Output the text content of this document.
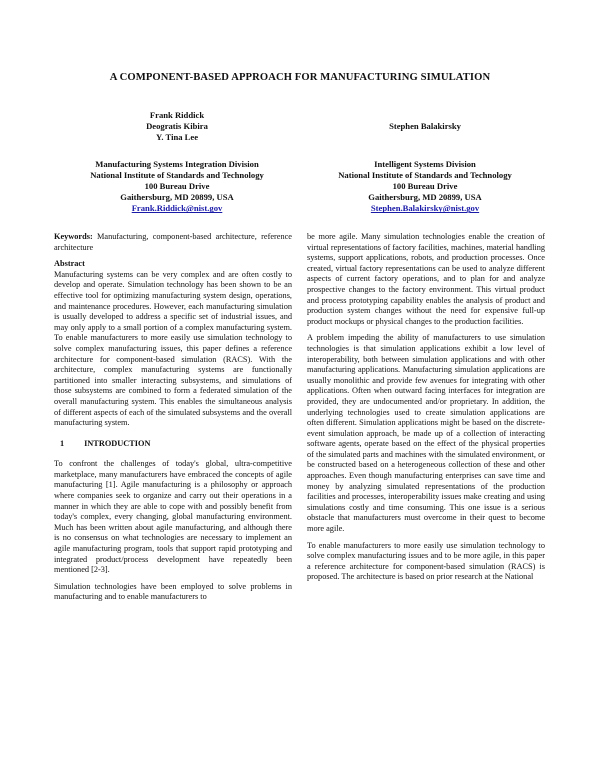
A COMPONENT-BASED APPROACH FOR MANUFACTURING SIMULATION
Frank Riddick
Deogratis Kibira
Y. Tina Lee
Manufacturing Systems Integration Division
National Institute of Standards and Technology
100 Bureau Drive
Gaithersburg, MD 20899, USA
Frank.Riddick@nist.gov
Stephen Balakirsky
Intelligent Systems Division
National Institute of Standards and Technology
100 Bureau Drive
Gaithersburg, MD 20899, USA
Stephen.Balakirsky@nist.gov

Keywords: Manufacturing, component-based architecture, reference architecture

Abstract

Manufacturing systems can be very complex and are often costly to develop and operate. Simulation technology has been shown to be an effective tool for optimizing manufacturing system design, operations, and maintenance procedures. However, each manufacturing simulation is usually developed to address a specific set of industrial issues, and may only apply to a small portion of a complex manufacturing system. To enable manufacturers to more easily use simulation technology to solve complex manufacturing issues, this paper defines a reference architecture for component-based simulation (RACS). With the architecture, complex manufacturing systems are functionally partitioned into smaller interacting subsystems, and simulations of those subsystems are combined to form a federated simulation of the overall manufacturing system. This enables the simultaneous analysis of different aspects of each of the simulated subsystems and the overall manufacturing system.

1 INTRODUCTION

To confront the challenges of today's global, ultra-competitive marketplace, many manufacturers have embraced the concepts of agile manufacturing [1]. Agile manufacturing is a philosophy or approach where companies seek to organize and carry out their operations in a manner in which they are able to cope with and possibly benefit from today's complex, every changing, global manufacturing environment. Much has been written about agile manufacturing, and although there is no consensus on what technologies are necessary to implement an agile manufacturing program, tools that support rapid prototyping and integrated product/process development have repeatedly been mentioned [2-3].

Simulation technologies have been employed to solve problems in manufacturing and to enable manufacturers to

be more agile. Many simulation technologies enable the creation of virtual representations of factory facilities, machines, material handling systems, support applications, robots, and production processes. Once created, virtual factory representations can be used to analyze different aspects of current factory operations, and to plan for and analyze prospective changes to the factory environment. This virtual product and process prototyping capability enables the analysis of product and production system changes without the need for expensive full-up product mockups or physical changes to the production facilities.

A problem impeding the ability of manufacturers to use simulation technologies is that simulation applications exhibit a low level of interoperability, both between simulation applications and with other manufacturing applications. Manufacturing simulation applications are usually monolithic and provide few avenues for integrating with other applications. Often when outward facing interfaces for integration are provided, they are undocumented and/or proprietary. In addition, the underlying technologies used to create simulation applications are often different. Simulation applications might be based on the discrete-event simulation approach, be made up of a collection of interacting software agents, operate based on the effect of the physical properties of the simulated parts and machines with the simulated environment, or be constructed based on a heterogeneous collection of these and other approaches. Even though manufacturing enterprises can save time and money by analyzing simulated representations of the production facilities and processes, interoperability issues make creating and using simulations costly and time consuming. This one issue is a serious obstacle that manufacturers must overcome in their quest to become more agile.

To enable manufacturers to more easily use simulation technology to solve complex manufacturing issues and to be more agile, in this paper a reference architecture for component-based simulation (RACS) is proposed. The architecture is based on prior research at the National
